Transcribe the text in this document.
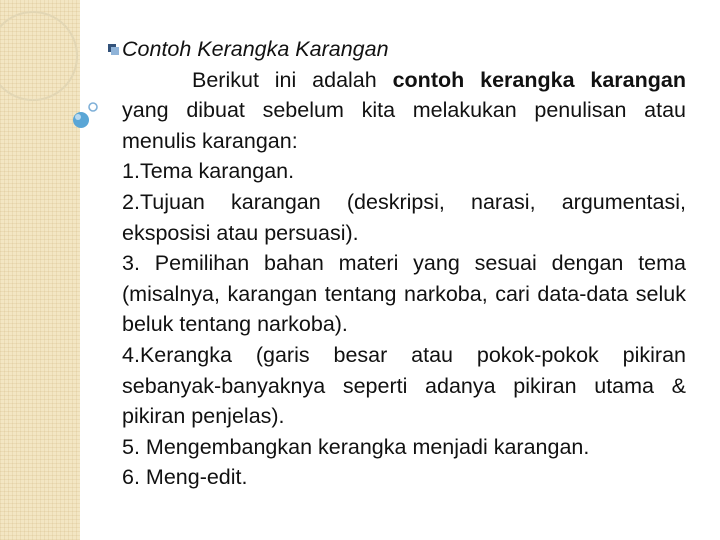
Contoh Kerangka Karangan

Berikut ini adalah contoh kerangka karangan yang dibuat sebelum kita melakukan penulisan atau menulis karangan:

1.Tema karangan.

2.Tujuan karangan (deskripsi, narasi, argumentasi, eksposisi atau persuasi).

3. Pemilihan bahan materi yang sesuai dengan tema (misalnya, karangan tentang narkoba, cari data-data seluk beluk tentang narkoba).

4.Kerangka (garis besar atau pokok-pokok pikiran sebanyak-banyaknya seperti adanya pikiran utama & pikiran penjelas).

5. Mengembangkan kerangka menjadi karangan.

6. Meng-edit.
